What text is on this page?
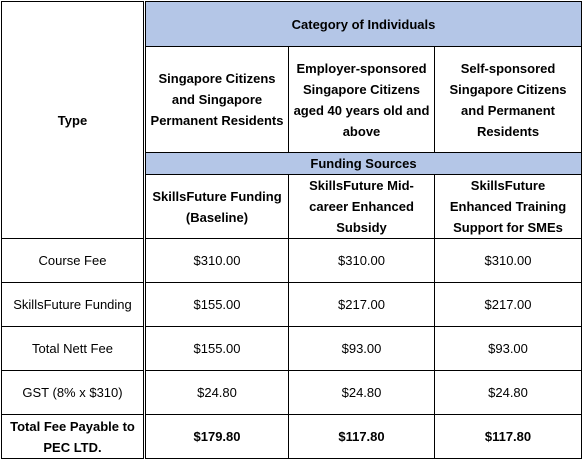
Type	Category of Individuals		
	Singapore Citizens and Singapore Permanent Residents	Employer-sponsored Singapore Citizens aged 40 years old and above	Self-sponsored Singapore Citizens and Permanent Residents
	Funding Sources		
	SkillsFuture Funding (Baseline)	SkillsFuture Mid-career Enhanced Subsidy	SkillsFuture Enhanced Training Support for SMEs
Course Fee	$310.00	$310.00	$310.00
SkillsFuture Funding	$155.00	$217.00	$217.00
Total Nett Fee	$155.00	$93.00	$93.00
GST (8% x $310)	$24.80	$24.80	$24.80
Total Fee Payable to PEC LTD.	$179.80	$117.80	$117.80
